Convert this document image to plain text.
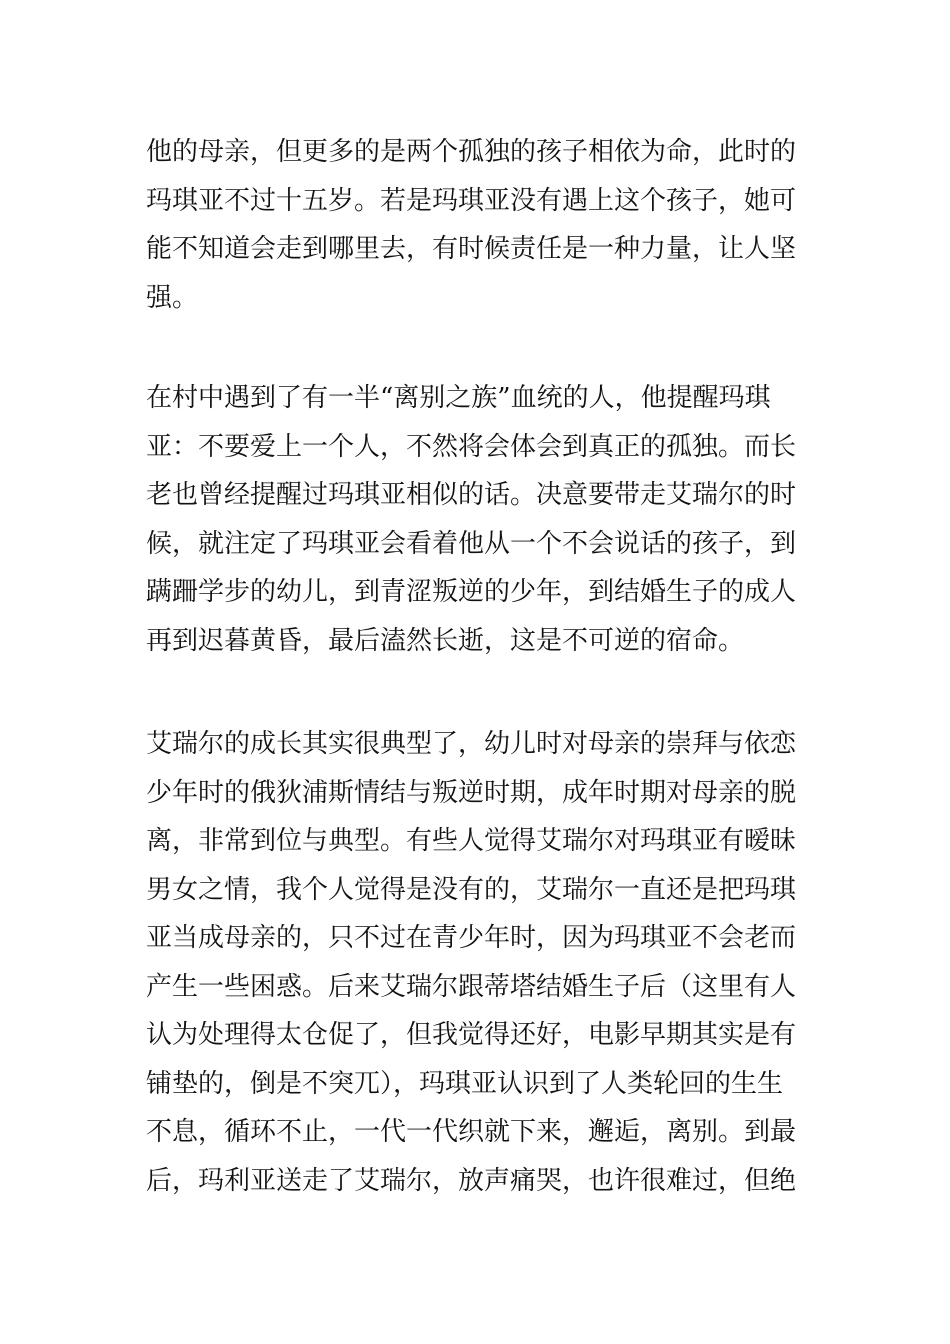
他的母亲，但更多的是两个孤独的孩子相依为命，此时的
玛琪亚不过十五岁。若是玛琪亚没有遇上这个孩子，她可
能不知道会走到哪里去，有时候责任是一种力量，让人坚
强。

在村中遇到了有一半“离别之族”血统的人，他提醒玛琪
亚：不要爱上一个人，不然将会体会到真正的孤独。而长
老也曾经提醒过玛琪亚相似的话。决意要带走艾瑞尔的时
候，就注定了玛琪亚会看着他从一个不会说话的孩子，到
蹒跚学步的幼儿，到青涩叛逆的少年，到结婚生子的成人
再到迟暮黄昏，最后溘然长逝，这是不可逆的宿命。

艾瑞尔的成长其实很典型了，幼儿时对母亲的崇拜与依恋
少年时的俄狄浦斯情结与叛逆时期，成年时期对母亲的脱
离，非常到位与典型。有些人觉得艾瑞尔对玛琪亚有暧昧
男女之情，我个人觉得是没有的，艾瑞尔一直还是把玛琪
亚当成母亲的，只不过在青少年时，因为玛琪亚不会老而
产生一些困惑。后来艾瑞尔跟蒂塔结婚生子后（这里有人
认为处理得太仓促了，但我觉得还好，电影早期其实是有
铺垫的，倒是不突兀），玛琪亚认识到了人类轮回的生生
不息，循环不止，一代一代织就下来，邂逅，离别。到最
后，玛利亚送走了艾瑞尔，放声痛哭，也许很难过，但绝
